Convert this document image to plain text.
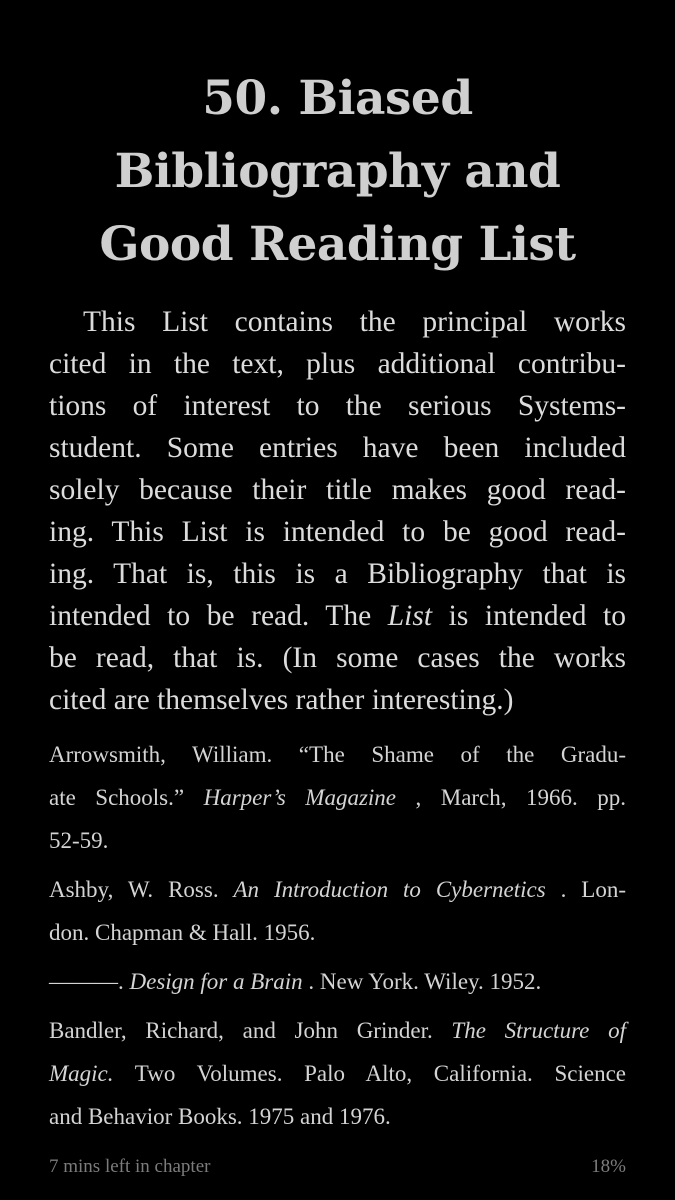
50. Biased
Bibliography and
Good Reading List
This List contains the principal works
cited in the text, plus additional contribu-
tions of interest to the serious Systems-
student. Some entries have been included
solely because their title makes good read-
ing. This List is intended to be good read-
ing. That is, this is a Bibliography that is
intended to be read. The List is intended to
be read, that is. (In some cases the works
cited are themselves rather interesting.)
Arrowsmith, William. “The Shame of the Gradu-
ate Schools.” Harper’s Magazine , March, 1966. pp.
52-59.
Ashby, W. Ross. An Introduction to Cybernetics . Lon-
don. Chapman & Hall. 1956.
———. Design for a Brain . New York. Wiley. 1952.
Bandler, Richard, and John Grinder. The Structure of
Magic. Two Volumes. Palo Alto, California. Science
and Behavior Books. 1975 and 1976.
7 mins left in chapter	18%
